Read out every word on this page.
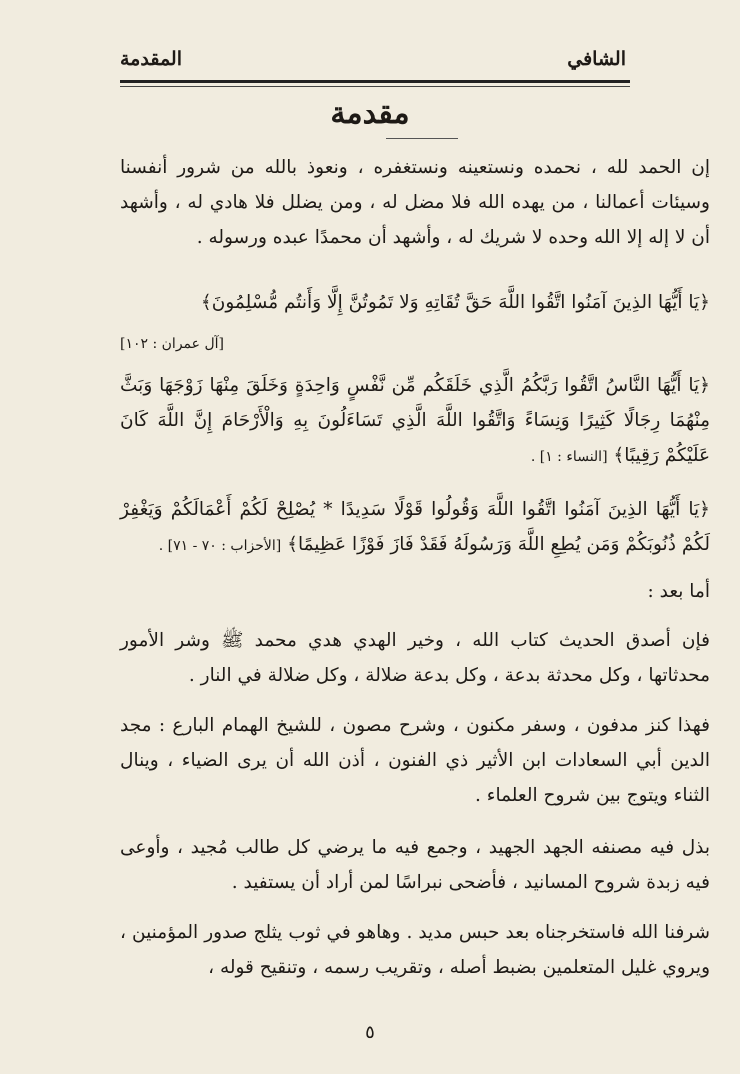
الشافي
المقدمة
مقدمة
إن الحمد لله ، نحمده ونستعينه ونستغفره ، ونعوذ بالله من شرور أنفسنا وسيئات أعمالنا ، من يهده الله فلا مضل له ، ومن يضلل فلا هادي له ، وأشهد أن لا إله إلا الله وحده لا شريك له ، وأشهد أن محمدًا عبده ورسوله .
﴿يَا أَيُّهَا الذِينَ آمَنُوا اتَّقُوا اللَّهَ حَقَّ تُقَاتِهِ وَلا تَمُوتُنَّ إِلَّا وَأَنتُم مُّسْلِمُونَ﴾
[آل عمران : ١٠٢]
﴿يَا أَيُّهَا النَّاسُ اتَّقُوا رَبَّكُمُ الَّذِي خَلَقَكُم مِّن نَّفْسٍ وَاحِدَةٍ وَخَلَقَ مِنْهَا زَوْجَهَا وَبَثَّ مِنْهُمَا رِجَالًا كَثِيرًا وَنِسَاءً وَاتَّقُوا اللَّهَ الَّذِي تَسَاءَلُونَ بِهِ وَالْأَرْحَامَ إِنَّ اللَّهَ كَانَ عَلَيْكُمْ رَقِيبًا﴾ [النساء : ١] .
﴿يَا أَيُّهَا الذِينَ آمَنُوا اتَّقُوا اللَّهَ وَقُولُوا قَوْلًا سَدِيدًا * يُصْلِحْ لَكُمْ أَعْمَالَكُمْ وَيَغْفِرْ لَكُمْ ذُنُوبَكُمْ وَمَن يُطِعِ اللَّهَ وَرَسُولَهُ فَقَدْ فَازَ فَوْزًا عَظِيمًا﴾ [الأحزاب : ٧٠ - ٧١] .
أما بعد :
فإن أصدق الحديث كتاب الله ، وخير الهدي هدي محمد ﷺ وشر الأمور محدثاتها ، وكل محدثة بدعة ، وكل بدعة ضلالة ، وكل ضلالة في النار .
فهذا كنز مدفون ، وسفر مكنون ، وشرح مصون ، للشيخ الهمام البارع : مجد الدين أبي السعادات ابن الأثير ذي الفنون ، أذن الله أن يرى الضياء ، وينال الثناء ويتوج بين شروح العلماء .
بذل فيه مصنفه الجهد الجهيد ، وجمع فيه ما يرضي كل طالب مُجيد ، وأوعى فيه زبدة شروح المسانيد ، فأضحى نبراسًا لمن أراد أن يستفيد .
شرفنا الله فاستخرجناه بعد حبس مديد . وهاهو في ثوب يثلج صدور المؤمنين ، ويروي غليل المتعلمين بضبط أصله ، وتقريب رسمه ، وتنقيح قوله ،
٥
